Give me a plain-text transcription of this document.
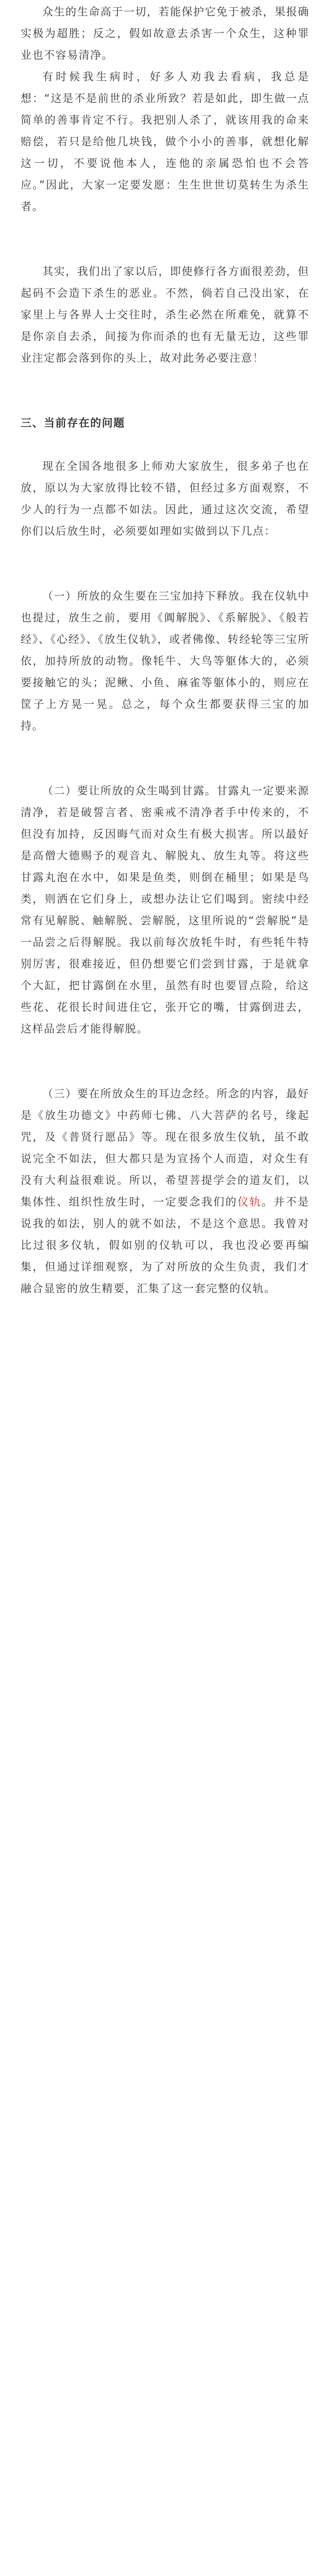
众生的生命高于一切，若能保护它免于被杀，果报确实极为超胜；反之，假如故意去杀害一个众生，这种罪业也不容易清净。

有时候我生病时，好多人劝我去看病，我总是想：“这是不是前世的杀业所致？若是如此，即生做一点简单的善事肯定不行。我把别人杀了，就该用我的命来赔偿，若只是给他几块钱，做个小小的善事，就想化解这一切，不要说他本人，连他的亲属恐怕也不会答应。”因此，大家一定要发愿：生生世世切莫转生为杀生者。

其实，我们出了家以后，即使修行各方面很差劲，但起码不会造下杀生的恶业。不然，倘若自己没出家，在家里上与各界人士交往时，杀生必然在所难免，就算不是你亲自去杀，间接为你而杀的也有无量无边，这些罪业注定都会落到你的头上，故对此务必要注意！

三、当前存在的问题

现在全国各地很多上师劝大家放生，很多弟子也在放，原以为大家放得比较不错，但经过多方面观察，不少人的行为一点都不如法。因此，通过这次交流，希望你们以后放生时，必须要如理如实做到以下几点：

（一）所放的众生要在三宝加持下释放。我在仪轨中也提过，放生之前，要用《阗解脱》、《系解脱》、《般若经》、《心经》、《放生仪轨》，或者佛像、转经轮等三宝所依，加持所放的动物。像牦牛、大鸟等躯体大的，必须要接触它的头；泥鳅、小鱼、麻雀等躯体小的，则应在筐子上方晃一晃。总之，每个众生都要获得三宝的加持。

（二）要让所放的众生喝到甘露。甘露丸一定要来源清净，若是破誓言者、密乘戒不清净者手中传来的，不但没有加持，反因晦气而对众生有极大损害。所以最好是高僧大德赐予的观音丸、解脱丸、放生丸等。将这些甘露丸泡在水中，如果是鱼类，则倒在桶里；如果是鸟类，则洒在它们身上，或想办法让它们喝到。密续中经常有见解脱、触解脱、尝解脱，这里所说的“尝解脱”是一品尝之后得解脱。我以前每次放牦牛时，有些牦牛特别厉害，很难接近，但仍想要它们尝到甘露，于是就拿个大缸，把甘露倒在水里，虽然有时也要冒点险，给这些花、花很长时间进住它，张开它的嘴，甘露倒进去，这样品尝后才能得解脱。

（三）要在所放众生的耳边念经。所念的内容，最好是《放生功德文》中药师七佛、八大菩萨的名号，缘起咒，及《普贤行愿品》等。现在很多放生仪轨，虽不敢说完全不如法，但大都只是为宣扬个人而造，对众生有没有大利益很难说。所以，希望菩提学会的道友们，以集体性、组织性放生时，一定要念我们的仪轨。并不是说我的如法，别人的就不如法，不是这个意思。我曾对比过很多仪轨，假如别的仪轨可以，我也没必要再编集，但通过详细观察，为了对所放的众生负责，我们才融合显密的放生精要，汇集了这一套完整的仪轨。
